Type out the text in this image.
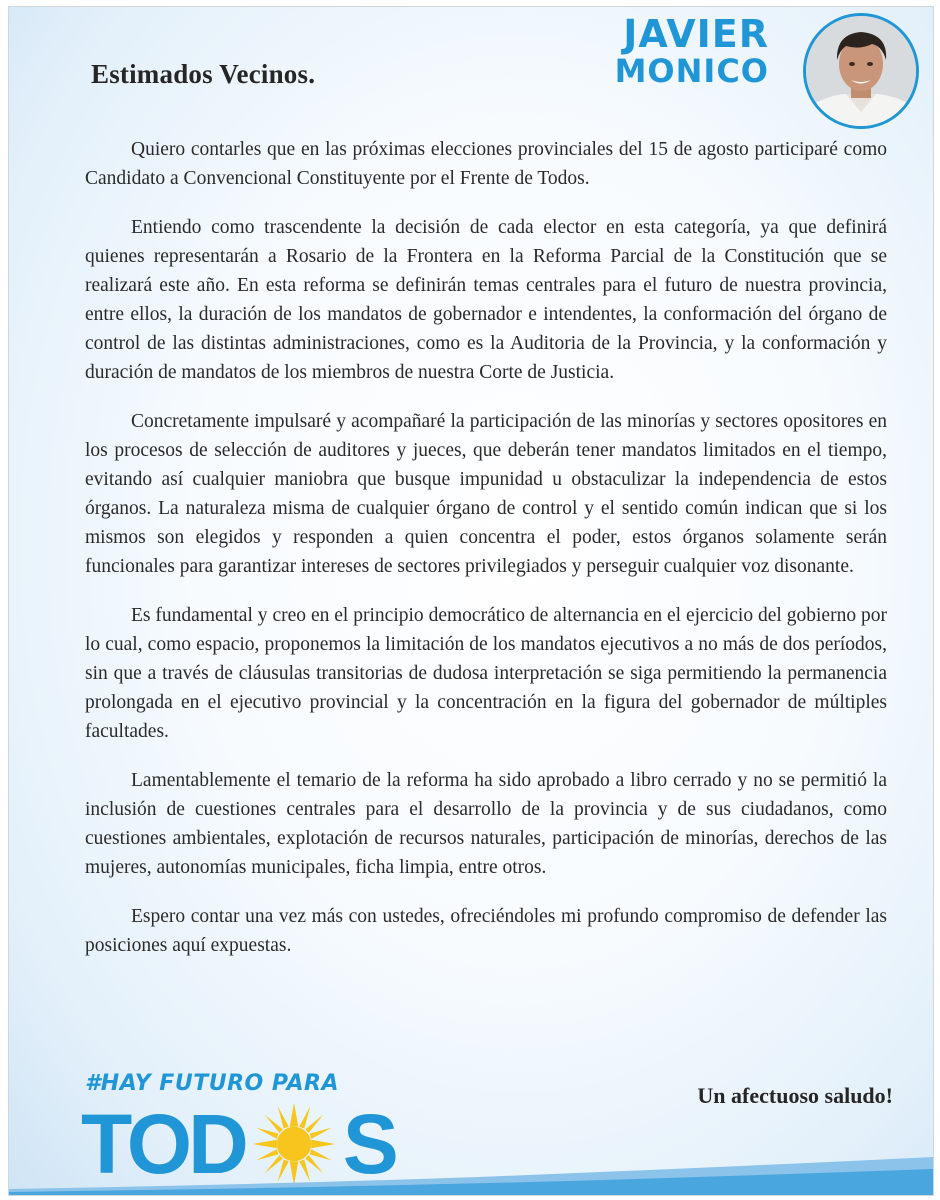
Estimados Vecinos.
JAVIER
MONICO

Quiero contarles que en las próximas elecciones provinciales del 15 de agosto participaré como Candidato a Convencional Constituyente por el Frente de Todos.

Entiendo como trascendente la decisión de cada elector en esta categoría, ya que definirá quienes representarán a Rosario de la Frontera en la Reforma Parcial de la Constitución que se realizará este año. En esta reforma se definirán temas centrales para el futuro de nuestra provincia, entre ellos, la duración de los mandatos de gobernador e intendentes, la conformación del órgano de control de las distintas administraciones, como es la Auditoria de la Provincia, y la conformación y duración de mandatos de los miembros de nuestra Corte de Justicia.

Concretamente impulsaré y acompañaré la participación de las minorías y sectores opositores en los procesos de selección de auditores y jueces, que deberán tener mandatos limitados en el tiempo, evitando así cualquier maniobra que busque impunidad u obstaculizar la independencia de estos órganos. La naturaleza misma de cualquier órgano de control y el sentido común indican que si los mismos son elegidos y responden a quien concentra el poder, estos órganos solamente serán funcionales para garantizar intereses de sectores privilegiados y perseguir cualquier voz disonante.

Es fundamental y creo en el principio democrático de alternancia en el ejercicio del gobierno por lo cual, como espacio, proponemos la limitación de los mandatos ejecutivos a no más de dos períodos, sin que a través de cláusulas transitorias de dudosa interpretación se siga permitiendo la permanencia prolongada en el ejecutivo provincial y la concentración en la figura del gobernador de múltiples facultades.

Lamentablemente el temario de la reforma ha sido aprobado a libro cerrado y no se permitió la inclusión de cuestiones centrales para el desarrollo de la provincia y de sus ciudadanos, como cuestiones ambientales, explotación de recursos naturales, participación de minorías, derechos de las mujeres, autonomías municipales, ficha limpia, entre otros.

Espero contar una vez más con ustedes, ofreciéndoles mi profundo compromiso de defender las posiciones aquí expuestas.

#HAY FUTURO PARA
TOD S
Un afectuoso saludo!
